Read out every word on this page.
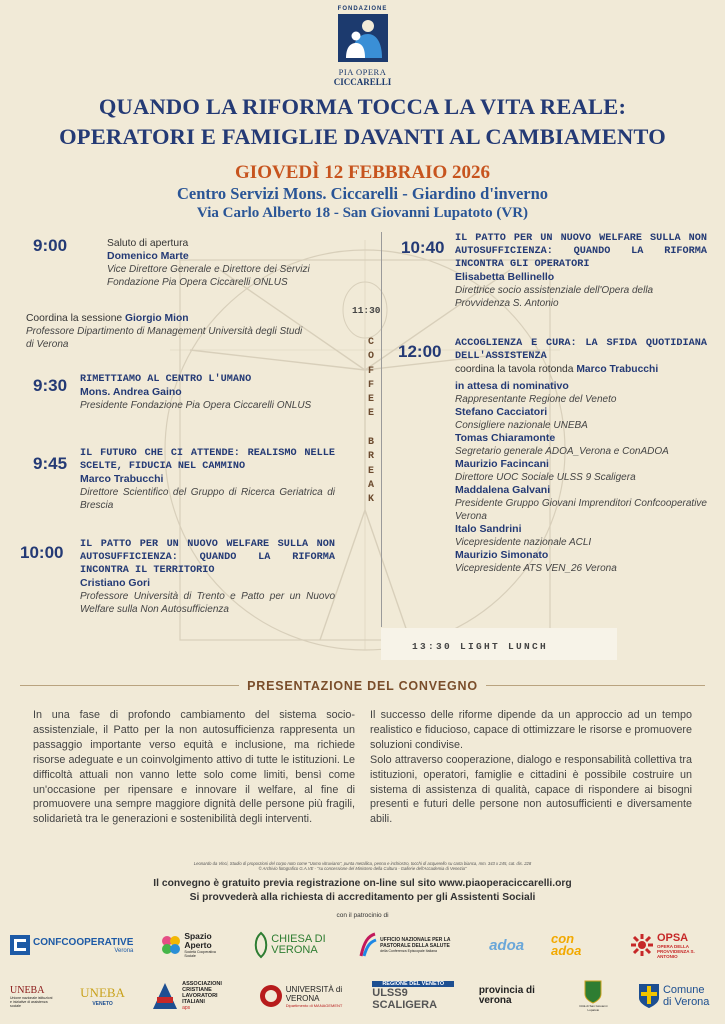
FONDAZIONE
PIA OPERA
CICCARELLI
QUANDO LA RIFORMA TOCCA LA VITA REALE:
OPERATORI E FAMIGLIE DAVANTI AL CAMBIAMENTO
GIOVEDÌ 12 FEBBRAIO 2026
Centro Servizi Mons. Ciccarelli - Giardino d'inverno
Via Carlo Alberto 18 - San Giovanni Lupatoto (VR)
9:00	Saluto di apertura
Domenico Marte
Vice Direttore Generale e Direttore dei Servizi Fondazione Pia Opera Ciccarelli ONLUS
Coordina la sessione Giorgio Mion
Professore Dipartimento di Management Università degli Studi di Verona
9:30 RIMETTIAMO AL CENTRO L'UMANO
Mons. Andrea Gaino
Presidente Fondazione Pia Opera Ciccarelli ONLUS
9:45
IL FUTURO CHE CI ATTENDE: REALISMO NELLE SCELTE, FIDUCIA NEL CAMMINO
Marco Trabucchi
Direttore Scientifico del Gruppo di Ricerca Geriatrica di Brescia
10:00 IL PATTO PER UN NUOVO WELFARE SULLA NON AUTOSUFFICIENZA: QUANDO LA RIFORMA INCONTRA IL TERRITORIO
Cristiano Gori
Professore Università di Trento e Patto per un Nuovo Welfare sulla Non Autosufficienza
11:30
C
O
F
F
E
E
B
R
E
A
K
13:30 LIGHT LUNCH
10:40 IL PATTO PER UN NUOVO WELFARE SULLA NON AUTOSUFFICIENZA: QUANDO LA RIFORMA INCONTRA GLI OPERATORI
Elisabetta Bellinello
Direttrice socio assistenziale dell'Opera della Provvidenza S. Antonio
12:00 ACCOGLIENZA E CURA: LA SFIDA QUOTIDIANA DELL'ASSISTENZA
coordina la tavola rotonda Marco Trabucchi
in attesa di nominativo
Rappresentante Regione del Veneto
Stefano Cacciatori
Consigliere nazionale UNEBA
Tomas Chiaramonte
Segretario generale ADOA_Verona e ConADOA
Maurizio Facincani
Direttore UOC Sociale ULSS 9 Scaligera
Maddalena Galvani
Presidente Gruppo Giovani Imprenditori Confcooperative Verona
Italo Sandrini
Vicepresidente nazionale ACLI
Maurizio Simonato
Vicepresidente ATS VEN_26 Verona
PRESENTAZIONE DEL CONVEGNO
In una fase di profondo cambiamento del sistema socio-assistenziale, il Patto per la non autosufficienza rappresenta un passaggio importante verso equità e inclusione, ma richiede risorse adeguate e un coinvolgimento attivo di tutte le istituzioni. Le difficoltà attuali non vanno lette solo come limiti, bensì come un'occasione per ripensare e innovare il welfare, al fine di promuovere una sempre maggiore dignità delle persone più fragili, solidarietà tra le generazioni e sostenibilità degli interventi.
Il successo delle riforme dipende da un approccio ad un tempo realistico e fiducioso, capace di ottimizzare le risorse e promuovere soluzioni condivise.
Solo attraverso cooperazione, dialogo e responsabilità collettiva tra istituzioni, operatori, famiglie e cittadini è possibile costruire un sistema di assistenza di qualità, capace di rispondere ai bisogni presenti e futuri delle persone non autosufficienti e diversamente abili.
Leonardo da Vinci, Studio di proporzioni del corpo noto come "Uomo vitruviano", punta metallica, penna e inchiostro, tocchi di acquerello su carta bianca, mm. 343 x 245, cat. dis. 228
© Archivio fotografico G.A.VE - "su concessione del Ministero della Cultura - Gallerie dell'Accademia di Venezia"
Il convegno è gratuito previa registrazione on-line sul sito www.piaoperaciccarelli.org
Si provvederà alla richiesta di accreditamento per gli Assistenti Sociali
con il patrocinio di
CONFCOOPERATIVE
Verona
Spazio Aperto
Società Cooperativa Sociale
CHIESA DI VERONA
UFFICIO NAZIONALE PER LA PASTORALE DELLA SALUTE
della Conferenza Episcopale Italiana	adoa con adoa
OPSA
OPERA DELLA PROVVIDENZA S. ANTONIO
UNEBA
Unione nazionale istituzioni e iniziative di assistenza sociale
UNEBA
VENETO
ASSOCIAZIONI CRISTIANE LAVORATORI ITALIANI
aps
UNIVERSITÀ di VERONA
Dipartimento di MANAGEMENT
REGIONE DEL VENETO
ULSS9 SCALIGERA
provincia di verona	Città di San Giovanni Lupatoto
Comune di Verona
